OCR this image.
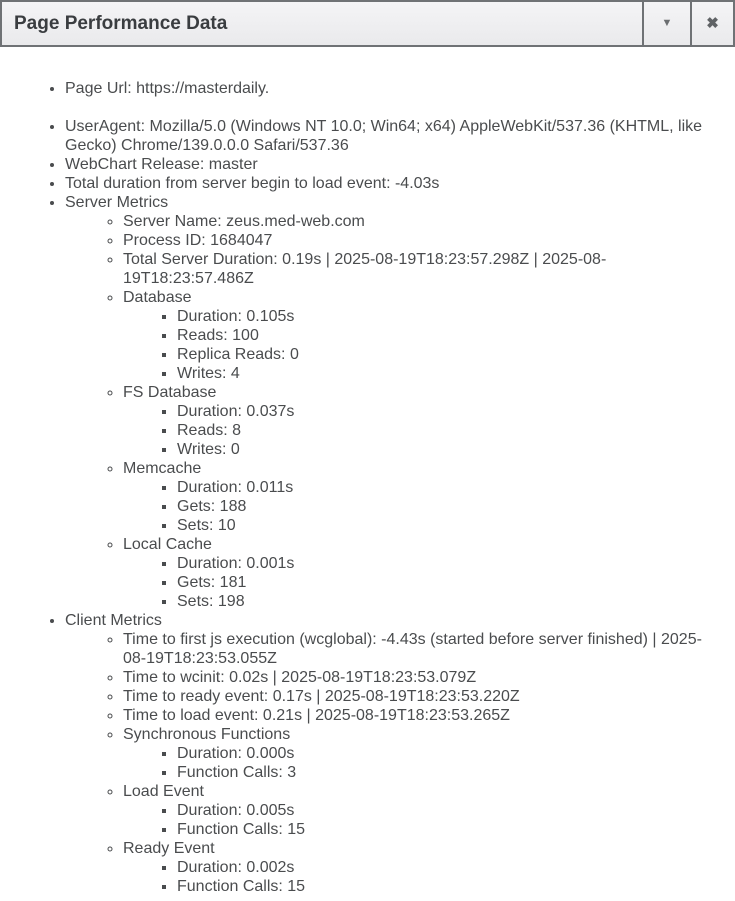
Page Performance Data	▼ ✖
• Page Url: https://masterdaily.
• UserAgent: Mozilla/5.0 (Windows NT 10.0; Win64; x64) AppleWebKit/537.36 (KHTML, like Gecko) Chrome/139.0.0.0 Safari/537.36
• WebChart Release: master
• Total duration from server begin to load event: -4.03s
• Server Metrics
◦ Server Name: zeus.med-web.com
◦ Process ID: 1684047
◦ Total Server Duration: 0.19s | 2025-08-19T18:23:57.298Z | 2025-08-19T18:23:57.486Z
◦ Database
▪ Duration: 0.105s
▪ Reads: 100
▪ Replica Reads: 0
▪ Writes: 4
◦ FS Database
▪ Duration: 0.037s
▪ Reads: 8
▪ Writes: 0
◦ Memcache
▪ Duration: 0.011s
▪ Gets: 188
▪ Sets: 10
◦ Local Cache
▪ Duration: 0.001s
▪ Gets: 181
▪ Sets: 198
• Client Metrics
◦ Time to first js execution (wcglobal): -4.43s (started before server finished) | 2025-08-19T18:23:53.055Z
◦ Time to wcinit: 0.02s | 2025-08-19T18:23:53.079Z
◦ Time to ready event: 0.17s | 2025-08-19T18:23:53.220Z
◦ Time to load event: 0.21s | 2025-08-19T18:23:53.265Z
◦ Synchronous Functions
▪ Duration: 0.000s
▪ Function Calls: 3
◦ Load Event
▪ Duration: 0.005s
▪ Function Calls: 15
◦ Ready Event
▪ Duration: 0.002s
▪ Function Calls: 15
